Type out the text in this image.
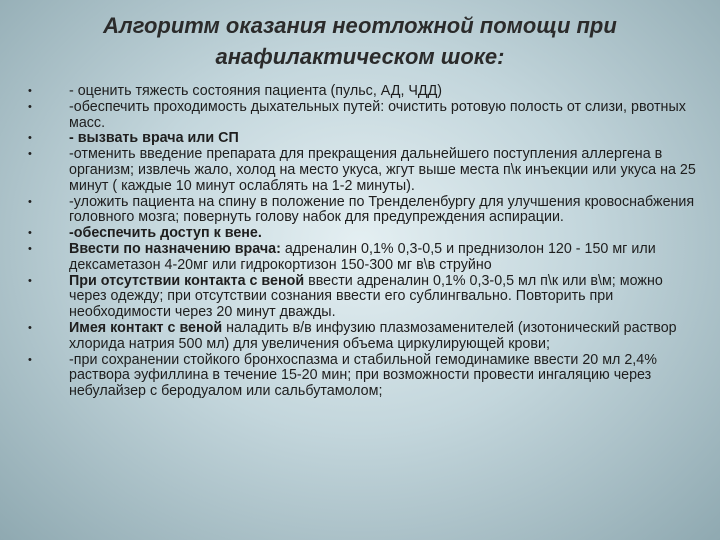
Алгоритм оказания неотложной помощи при
анафилактическом шоке:
•	- оценить тяжесть состояния пациента (пульс, АД, ЧДД)
•	-обеспечить проходимость дыхательных путей: очистить ротовую полость от слизи, рвотных масс.
•	- вызвать врача или СП
•	-отменить введение препарата для прекращения дальнейшего поступления аллергена в организм; извлечь жало, холод на место укуса, жгут выше места п\к инъекции или укуса на 25 минут ( каждые 10 минут ослаблять на 1-2 минуты).
•	-уложить пациента на спину в положение по Тренделенбургу для улучшения кровоснабжения головного мозга; повернуть голову набок для предупреждения аспирации.
•	-обеспечить доступ к вене.
•	Ввести по назначению врача: адреналин 0,1% 0,3-0,5 и преднизолон 120 - 150 мг или дексаметазон 4-20мг или гидрокортизон 150-300 мг в\в струйно
•	При отсутствии контакта с веной ввести адреналин 0,1% 0,3-0,5 мл п\к или в\м; можно через одежду; при отсутствии сознания ввести его сублингвально. Повторить при необходимости через 20 минут дважды.
•	Имея контакт с веной наладить в/в инфузию плазмозаменителей (изотонический раствор хлорида натрия 500 мл) для увеличения объема циркулирующей крови;
•	-при сохранении стойкого бронхоспазма и стабильной гемодинамике ввести 20 мл 2,4% раствора эуфиллина в течение 15-20 мин; при возможности провести ингаляцию через небулайзер с беродуалом или сальбутамолом;
